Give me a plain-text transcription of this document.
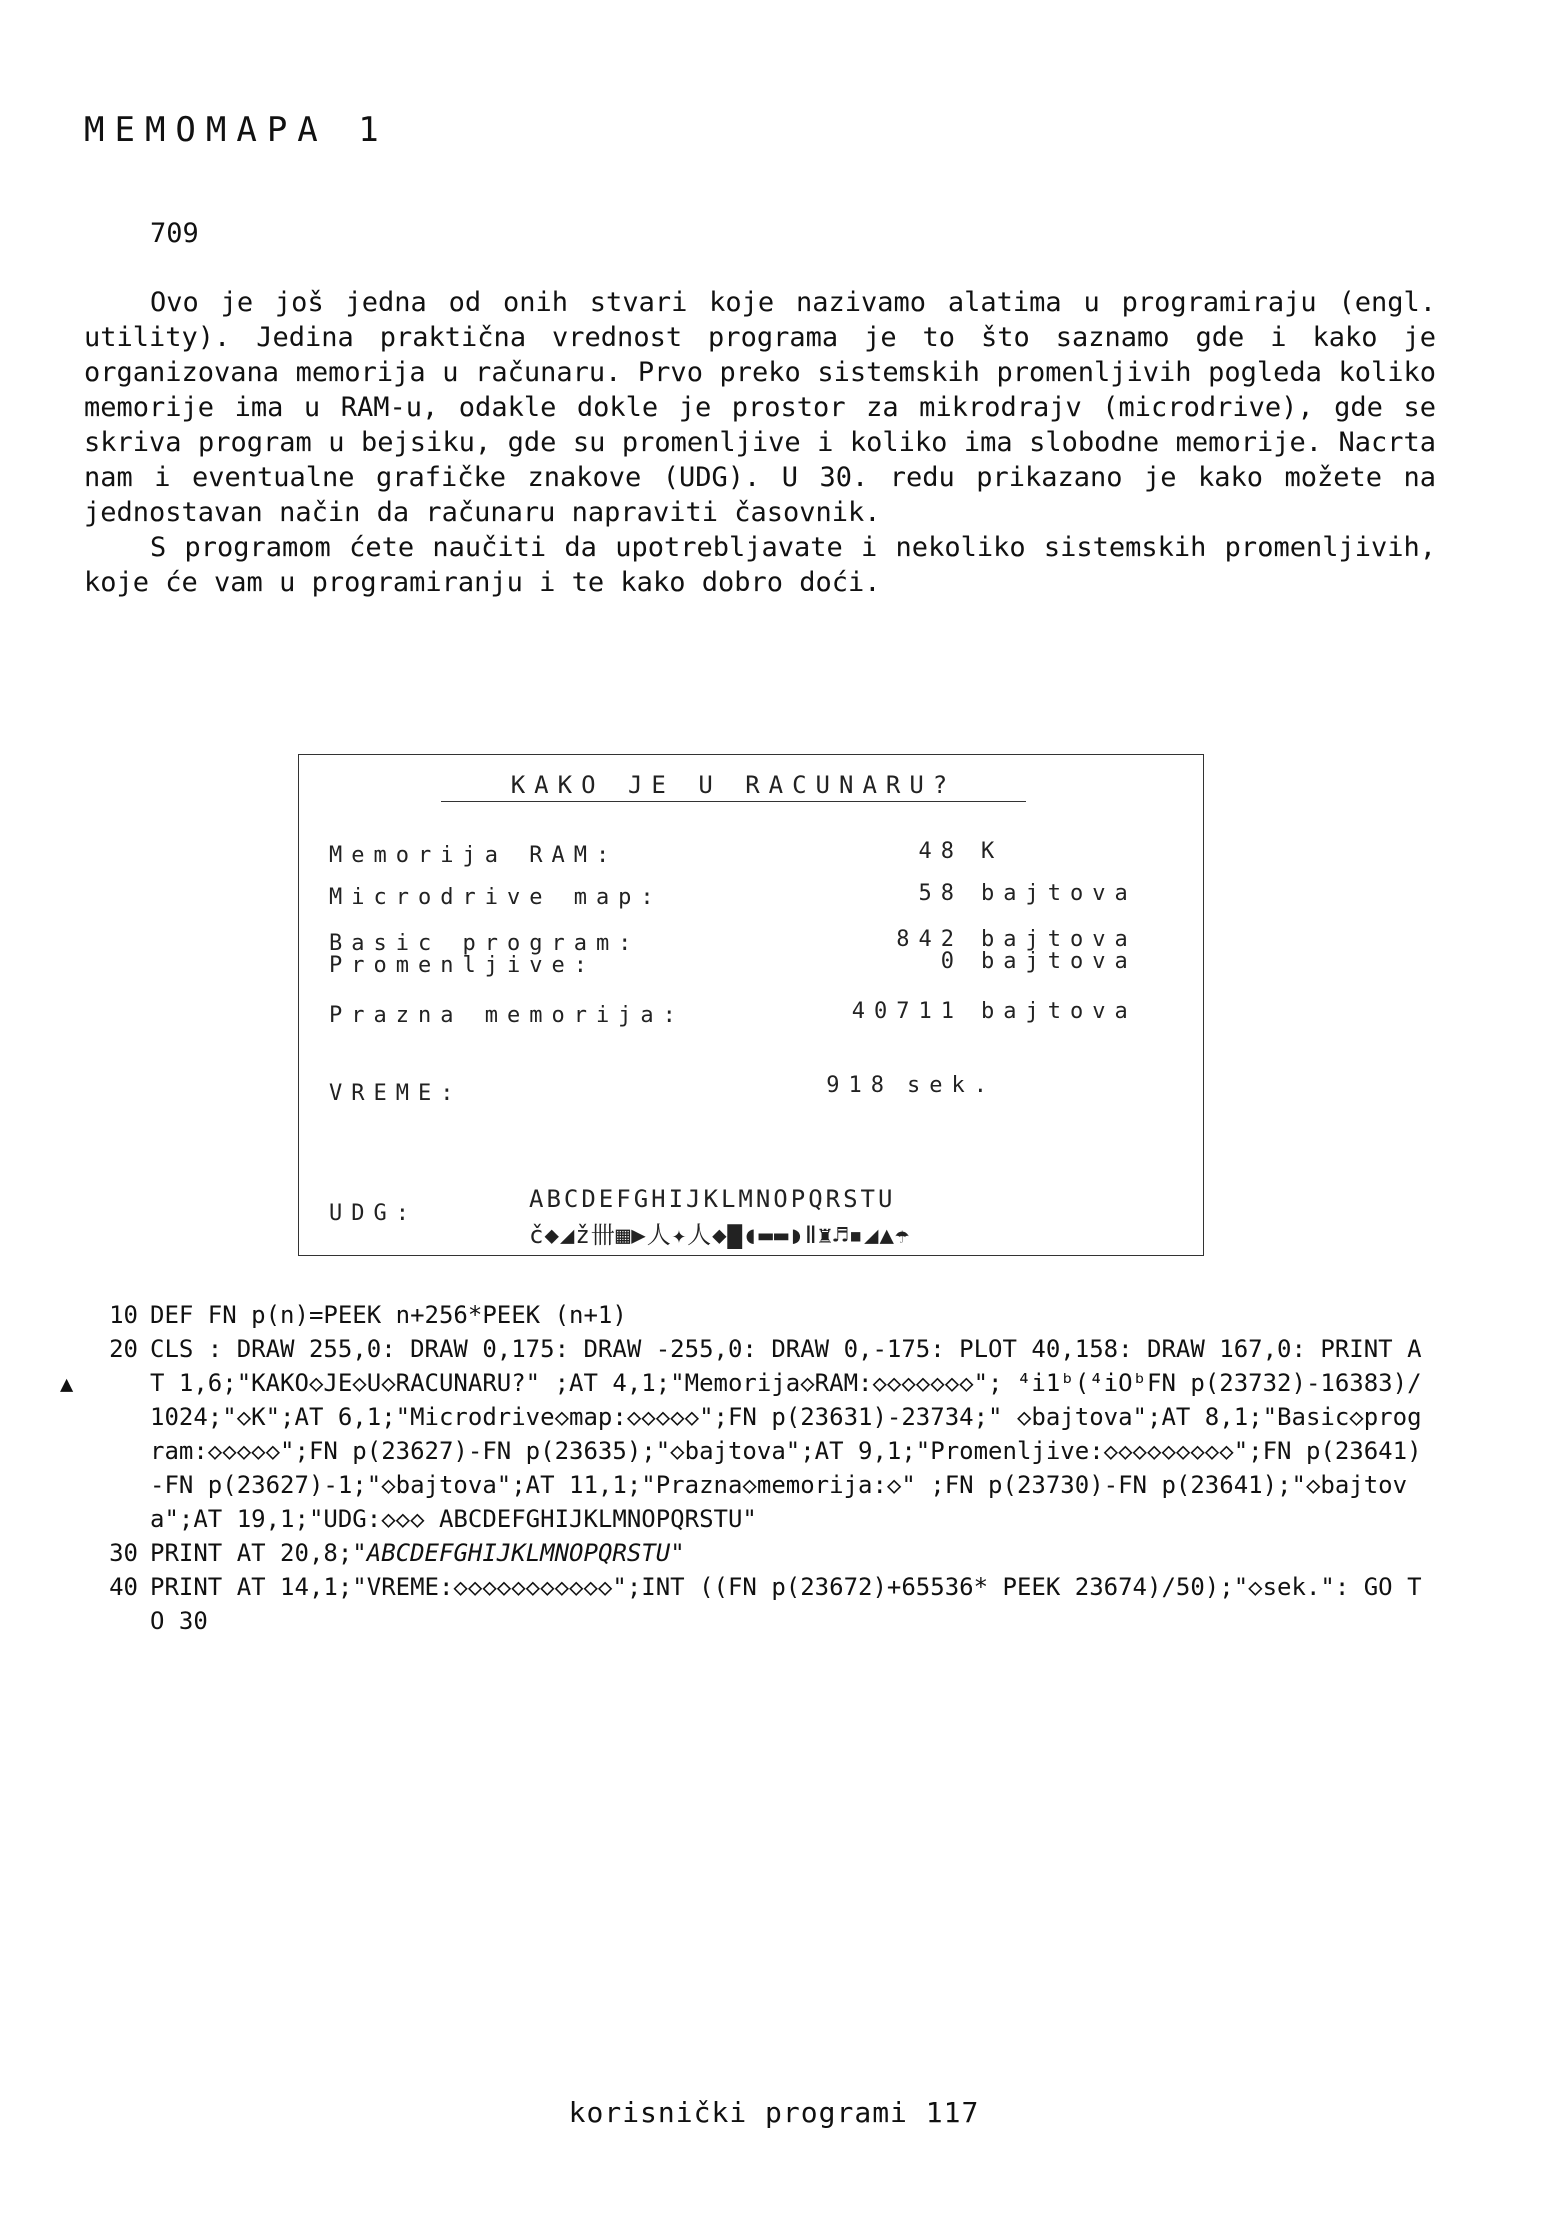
MEMOMAPA 1
709

Ovo je još jedna od onih stvari koje nazivamo alatima u programiraju (engl. utility). Jedina praktična vrednost programa je to što saznamo gde i kako je organizovana memorija u računaru. Prvo preko sistemskih promenljivih pogleda koliko memorije ima u RAM-u, odakle dokle je prostor za mikrodrajv (microdrive), gde se skriva program u bejsiku, gde su promenljive i koliko ima slobodne memorije. Nacrta nam i eventualne grafičke znakove (UDG). U 30. redu prikazano je kako možete na jednostavan način da računaru napraviti časovnik.

S programom ćete naučiti da upotrebljavate i nekoliko sistemskih promenljivih, koje će vam u programiranju i te kako dobro doći.

KAKO JE U RACUNARU?
Memorija RAM:	48 K
Microdrive map:	58 bajtova
Basic program:	842 bajtova
Promenljive:	0 bajtova
Prazna memorija:	40711 bajtova
VREME:	918 sek.
UDG:
ABCDEFGHIJKLMNOPQRSTU
č◆◢ž卌▦▶人✦人◆▇◖▬▬◗Ⅱ♜♬▪◢▲☂
▲
10 DEF FN p(n)=PEEK n+256*PEEK (n+1)
20 CLS : DRAW 255,0: DRAW 0,175: DRAW -255,0: DRAW 0,-175: PLOT 40,158: DRAW 167,0: PRINT AT 1,6;"KAKO◇JE◇U◇RACUNARU?" ;AT 4,1;"Memorija◇RAM:◇◇◇◇◇◇◇"; ⁴i1ᵇ(⁴iOᵇFN p(23732)-16383)/1024;"◇K";AT 6,1;"Microdrive◇map:◇◇◇◇◇";FN p(23631)-23734;" ◇bajtova";AT 8,1;"Basic◇program:◇◇◇◇◇";FN p(23627)-FN p(23635);"◇bajtova";AT 9,1;"Promenljive:◇◇◇◇◇◇◇◇◇";FN p(23641)-FN p(23627)-1;"◇bajtova";AT 11,1;"Prazna◇memorija:◇" ;FN p(23730)-FN p(23641);"◇bajtova";AT 19,1;"UDG:◇◇◇ ABCDEFGHIJKLMNOPQRSTU"
30 PRINT AT 20,8;"ABCDEFGHIJKLMNOPQRSTU"
40 PRINT AT 14,1;"VREME:◇◇◇◇◇◇◇◇◇◇◇";INT ((FN p(23672)+65536* PEEK 23674)/50);"◇sek.": GO TO 30
korisnički programi 117
